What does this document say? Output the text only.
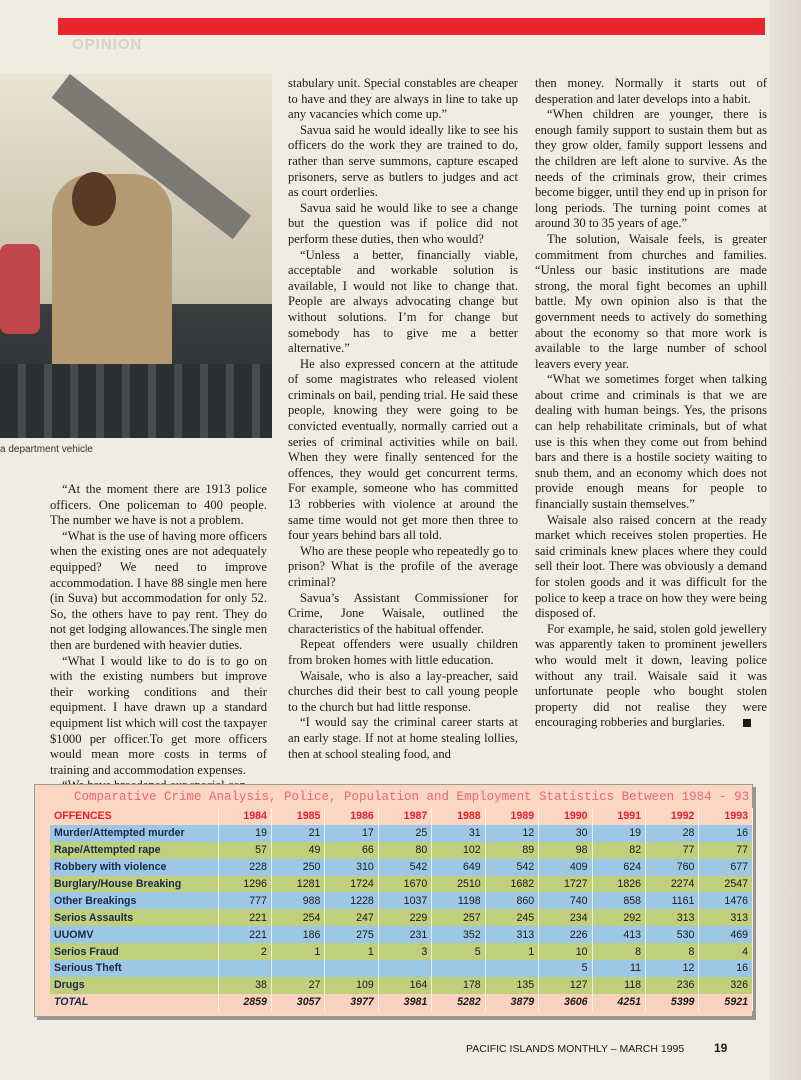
OPINION
a department vehicle

“At the moment there are 1913 police officers. One policeman to 400 people. The number we have is not a problem.

“What is the use of having more officers when the existing ones are not adequately equipped? We need to improve accommodation. I have 88 single men here (in Suva) but accommodation for only 52. So, the others have to pay rent. They do not get lodging allowances.The single men then are burdened with heavier duties.

“What I would like to do is to go on with the existing numbers but improve their working conditions and their equipment. I have drawn up a standard equipment list which will cost the taxpayer $1000 per officer.To get more officers would mean more costs in terms of training and accommodation expenses.

stabulary unit. Special constables are cheaper to have and they are always in line to take up any vacancies which come up.”

Savua said he would ideally like to see his officers do the work they are trained to do, rather than serve summons, capture escaped prisoners, serve as butlers to judges and act as court orderlies.

Savua said he would like to see a change but the question was if police did not perform these duties, then who would?

“Unless a better, financially viable, acceptable and workable solution is available, I would not like to change that. People are always advocating change but without solutions. I’m for change but somebody has to give me a better alternative.”

He also expressed concern at the attitude of some magistrates who released violent criminals on bail, pending trial. He said these people, knowing they were going to be convicted eventually, normally carried out a series of criminal activities while on bail. When they were finally sentenced for the offences, they would get concurrent terms. For example, someone who has committed 13 robberies with violence at around the same time would not get more then three to four years behind bars all told.

Who are these people who repeatedly go to prison? What is the profile of the average criminal?

Savua’s Assistant Commissioner for Crime, Jone Waisale, outlined the characteristics of the habitual offender.

Repeat offenders were usually children from broken homes with little education.

Waisale, who is also a lay-preacher, said churches did their best to call young people to the church but had little response.

“I would say the criminal career starts at an early stage. If not at home stealing lollies, then at school stealing food, and

then money. Normally it starts out of desperation and later develops into a habit.

“When children are younger, there is enough family support to sustain them but as they grow older, family support lessens and the children are left alone to survive. As the needs of the criminals grow, their crimes become bigger, until they end up in prison for long periods. The turning point comes at around 30 to 35 years of age.”

The solution, Waisale feels, is greater commitment from churches and families. “Unless our basic institutions are made strong, the moral fight becomes an uphill battle. My own opinion also is that the government needs to actively do something about the economy so that more work is available to the large number of school leavers every year.

“What we sometimes forget when talking about crime and criminals is that we are dealing with human beings. Yes, the prisons can help rehabilitate criminals, but of what use is this when they come out from behind bars and there is a hostile society waiting to snub them, and an economy which does not provide enough means for people to financially sustain themselves.”

Waisale also raised concern at the ready market which receives stolen properties. He said criminals knew places where they could sell their loot. There was obviously a demand for stolen goods and it was difficult for the police to keep a trace on how they were being disposed of.

For example, he said, stolen gold jewellery was apparently taken to prominent jewellers who would melt it down, leaving police without any trail. Waisale said it was unfortunate people who bought stolen property did not realise they were encouraging robberies and burglaries.

Comparative Crime Analysis, Police, Population and Employment Statistics Between 1984 - 93
OFFENCES	1984	1985	1986	1987	1988	1989	1990	1991	1992	1993
Murder/Attempted murder	19	21	17	25	31	12	30	19	28	16
Rape/Attempted rape	57	49	66	80	102	89	98	82	77	77
Robbery with violence	228	250	310	542	649	542	409	624	760	677
Burglary/House Breaking	1296	1281	1724	1670	2510	1682	1727	1826	2274	2547
Other Breakings	777	988	1228	1037	1198	860	740	858	1161	1476
Serios Assaults	221	254	247	229	257	245	234	292	313	313
UUOMV	221	186	275	231	352	313	226	413	530	469
Serios Fraud	2	1	1	3	5	1	10	8	8	4
Serious Theft							5	11	12	16
Drugs	38	27	109	164	178	135	127	118	236	326
TOTAL	2859	3057	3977	3981	5282	3879	3606	4251	5399	5921
PACIFIC ISLANDS MONTHLY – MARCH 1995 19
